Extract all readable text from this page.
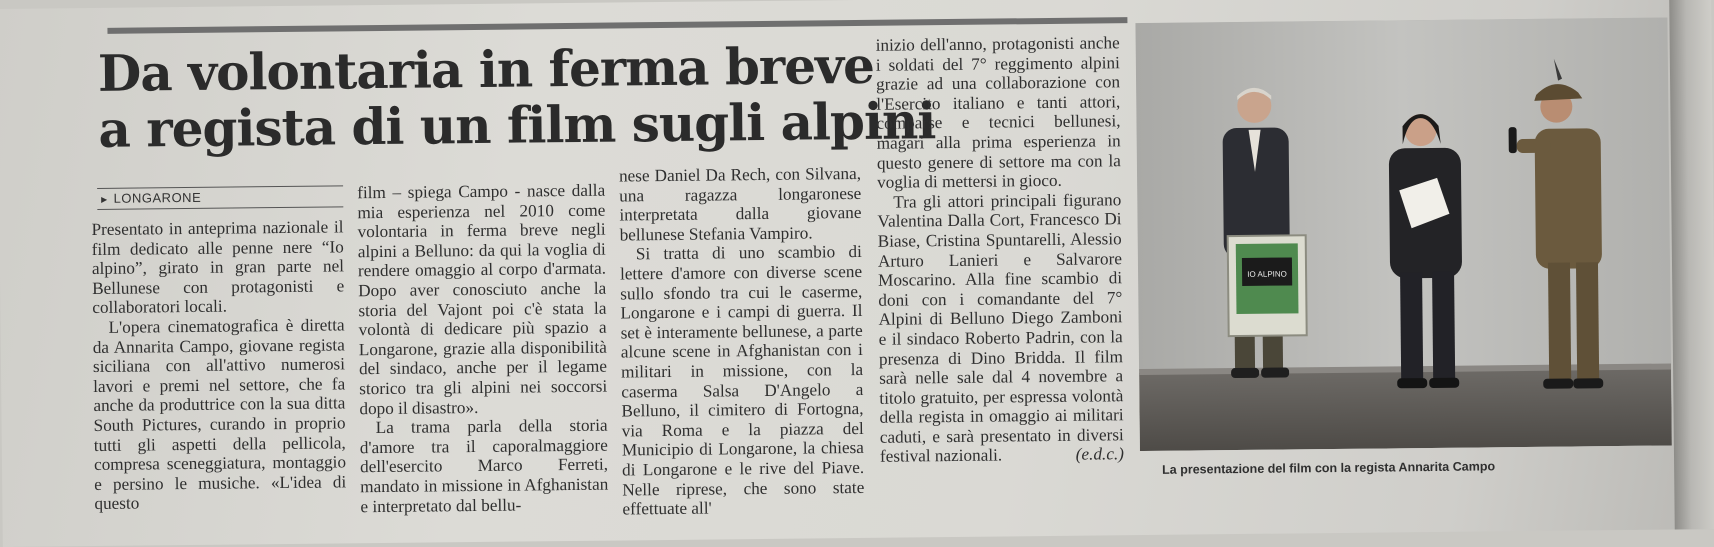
Da volontaria in ferma breve
a regista di un film sugli alpini
► LONGARONE

Presentato in anteprima nazionale il film dedicato alle penne nere “Io alpino”, girato in gran parte nel Bellunese con protagonisti e collaboratori locali.

L'opera cinematografica è diretta da Annarita Campo, giovane regista siciliana con all'attivo numerosi lavori e premi nel settore, che fa anche da produttrice con la sua ditta South Pictures, curando in proprio tutti gli aspetti della pellicola, compresa sceneggiatura, montaggio e persino le musiche. «L'idea di questo

film – spiega Campo - nasce dalla mia esperienza nel 2010 come volontaria in ferma breve negli alpini a Belluno: da qui la voglia di rendere omaggio al corpo d'armata. Dopo aver conosciuto anche la storia del Vajont poi c'è stata la volontà di dedicare più spazio a Longarone, grazie alla disponibilità del sindaco, anche per il legame storico tra gli alpini nei soccorsi dopo il disastro».

La trama parla della storia d'amore tra il caporalmaggiore dell'esercito Marco Ferreti, mandato in missione in Afghanistan e interpretato dal bellu-

nese Daniel Da Rech, con Silvana, una ragazza longaronese interpretata dalla giovane bellunese Stefania Vampiro.

Si tratta di uno scambio di lettere d'amore con diverse scene sullo sfondo tra cui le caserme, Longarone e i campi di guerra. Il set è interamente bellunese, a parte alcune scene in Afghanistan con i militari in missione, con la caserma Salsa D'Angelo a Belluno, il cimitero di Fortogna, via Roma e la piazza del Municipio di Longarone, la chiesa di Longarone e le rive del Piave. Nelle riprese, che sono state effettuate all'

inizio dell'anno, protagonisti anche i soldati del 7° reggimento alpini grazie ad una collaborazione con l'Esercito italiano e tanti attori, comparse e tecnici bellunesi, magari alla prima esperienza in questo genere di settore ma con la voglia di mettersi in gioco.

Tra gli attori principali figurano Valentina Dalla Cort, Francesco Di Biase, Cristina Spuntarelli, Alessio Arturo Lanieri e Salvarore Moscarino. Alla fine scambio di doni con i comandante del 7° Alpini di Belluno Diego Zamboni e il sindaco Roberto Padrin, con la presenza di Dino Bridda. Il film sarà nelle sale dal 4 novembre a titolo gratuito, per espressa volontà della regista in omaggio ai militari caduti, e sarà presentato in diversi festival nazionali.	(e.d.c.)

IO ALPINO
La presentazione del film con la regista Annarita Campo
